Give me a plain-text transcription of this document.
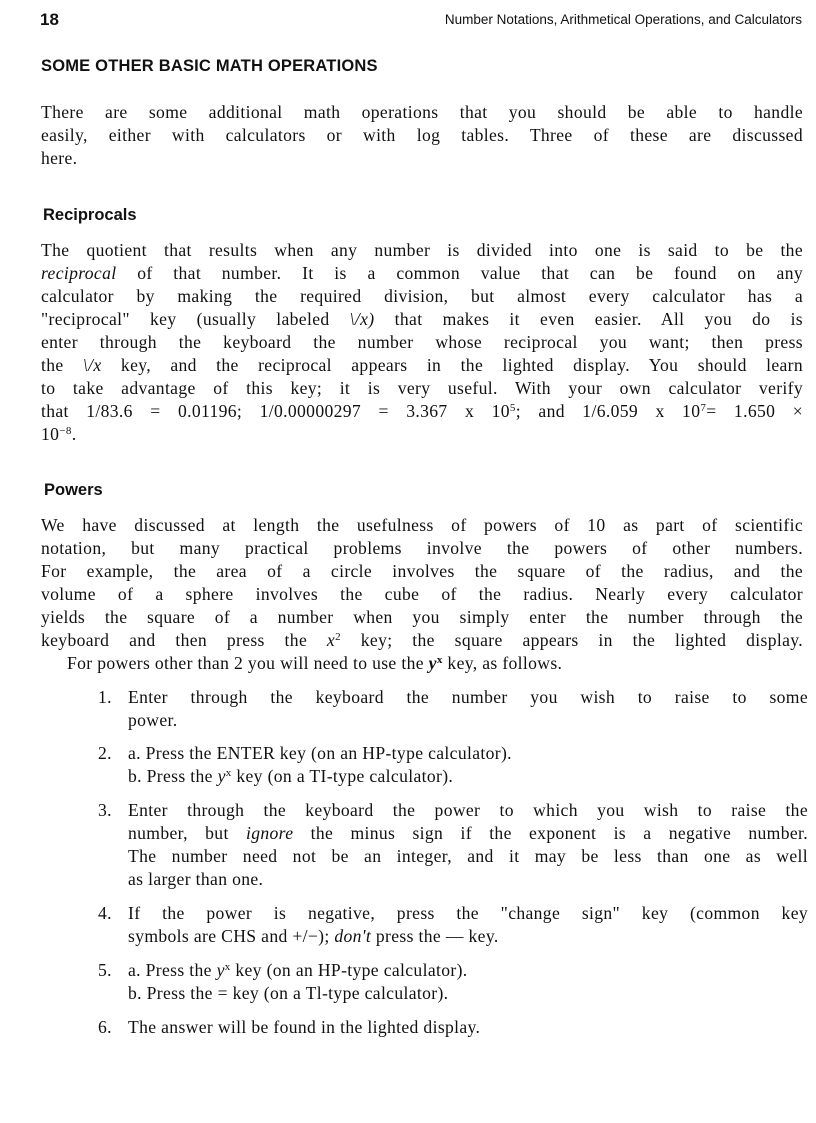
18	Number Notations, Arithmetical Operations, and Calculators
SOME OTHER BASIC MATH OPERATIONS
There are some additional math operations that you should be able to handle
easily, either with calculators or with log tables. Three of these are discussed
here.
Reciprocals
The quotient that results when any number is divided into one is said to be the
reciprocal of that number. It is a common value that can be found on any
calculator by making the required division, but almost every calculator has a
"reciprocal" key (usually labeled \/x) that makes it even easier. All you do is
enter through the keyboard the number whose reciprocal you want; then press
the \/x key, and the reciprocal appears in the lighted display. You should learn
to take advantage of this key; it is very useful. With your own calculator verify
that 1/83.6 = 0.01196; 1/0.00000297 = 3.367 x $10^5$; and 1/6.059 x $10^7= 1.650$ ×
$10^{-8}$.
Powers
We have discussed at length the usefulness of powers of 10 as part of scientific
notation, but many practical problems involve the powers of other numbers.
For example, the area of a circle involves the square of the radius, and the
volume of a sphere involves the cube of the radius. Nearly every calculator
yields the square of a number when you simply enter the number through the
keyboard and then press the $x^2$ key; the square appears in the lighted display.
For powers other than 2 you will need to use the $y^x$ key, as follows.
1. Enter through the keyboard the number you wish to raise to some
power.
2. a. Press the ENTER key (on an HP-type calculator).
b. Press the $y^x$ key (on a TI-type calculator).
3. Enter through the keyboard the power to which you wish to raise the
number, but ignore the minus sign if the exponent is a negative number.
The number need not be an integer, and it may be less than one as well
as larger than one.
4. If the power is negative, press the "change sign" key (common key
symbols are CHS and +/−); don't press the — key.
5. a. Press the $y^x$ key (on an HP-type calculator).
b. Press the = key (on a Tl-type calculator).
6. The answer will be found in the lighted display.
